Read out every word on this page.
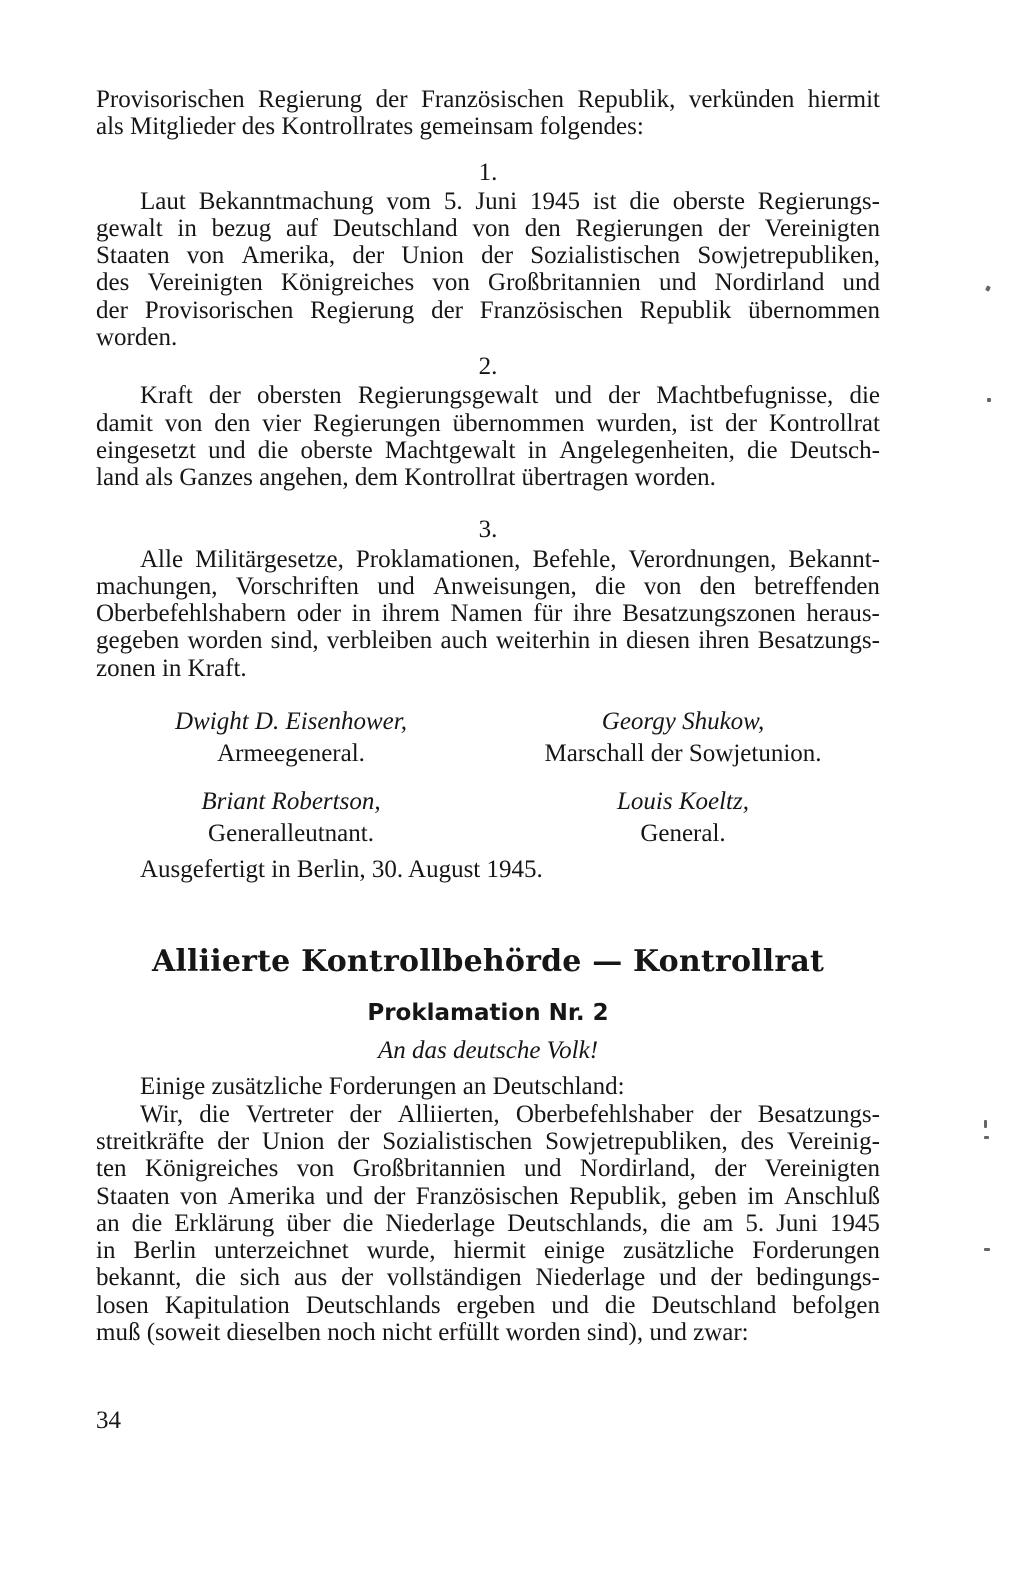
Provisorischen Regierung der Französischen Republik, verkünden hiermit
als Mitglieder des Kontrollrates gemeinsam folgendes:
1.
Laut Bekanntmachung vom 5. Juni 1945 ist die oberste Regierungs-
gewalt in bezug auf Deutschland von den Regierungen der Vereinigten
Staaten von Amerika, der Union der Sozialistischen Sowjetrepubliken,
des Vereinigten Königreiches von Großbritannien und Nordirland und
der Provisorischen Regierung der Französischen Republik übernommen
worden.
2.
Kraft der obersten Regierungsgewalt und der Machtbefugnisse, die
damit von den vier Regierungen übernommen wurden, ist der Kontrollrat
eingesetzt und die oberste Machtgewalt in Angelegenheiten, die Deutsch-
land als Ganzes angehen, dem Kontrollrat übertragen worden.
3.
Alle Militärgesetze, Proklamationen, Befehle, Verordnungen, Bekannt-
machungen, Vorschriften und Anweisungen, die von den betreffenden
Oberbefehlshabern oder in ihrem Namen für ihre Besatzungszonen heraus-
gegeben worden sind, verbleiben auch weiterhin in diesen ihren Besatzungs-
zonen in Kraft.
Dwight D. Eisenhower,
Armeegeneral.
Georgy Shukow,
Marschall der Sowjetunion.
Briant Robertson,
Generalleutnant.
Louis Koeltz,
General.
Ausgefertigt in Berlin, 30. August 1945.
Alliierte Kontrollbehörde — Kontrollrat
Proklamation Nr. 2
An das deutsche Volk!
Einige zusätzliche Forderungen an Deutschland:
Wir, die Vertreter der Alliierten, Oberbefehlshaber der Besatzungs-
streitkräfte der Union der Sozialistischen Sowjetrepubliken, des Vereinig-
ten Königreiches von Großbritannien und Nordirland, der Vereinigten
Staaten von Amerika und der Französischen Republik, geben im Anschluß
an die Erklärung über die Niederlage Deutschlands, die am 5. Juni 1945
in Berlin unterzeichnet wurde, hiermit einige zusätzliche Forderungen
bekannt, die sich aus der vollständigen Niederlage und der bedingungs-
losen Kapitulation Deutschlands ergeben und die Deutschland befolgen
muß (soweit dieselben noch nicht erfüllt worden sind), und zwar:
34
